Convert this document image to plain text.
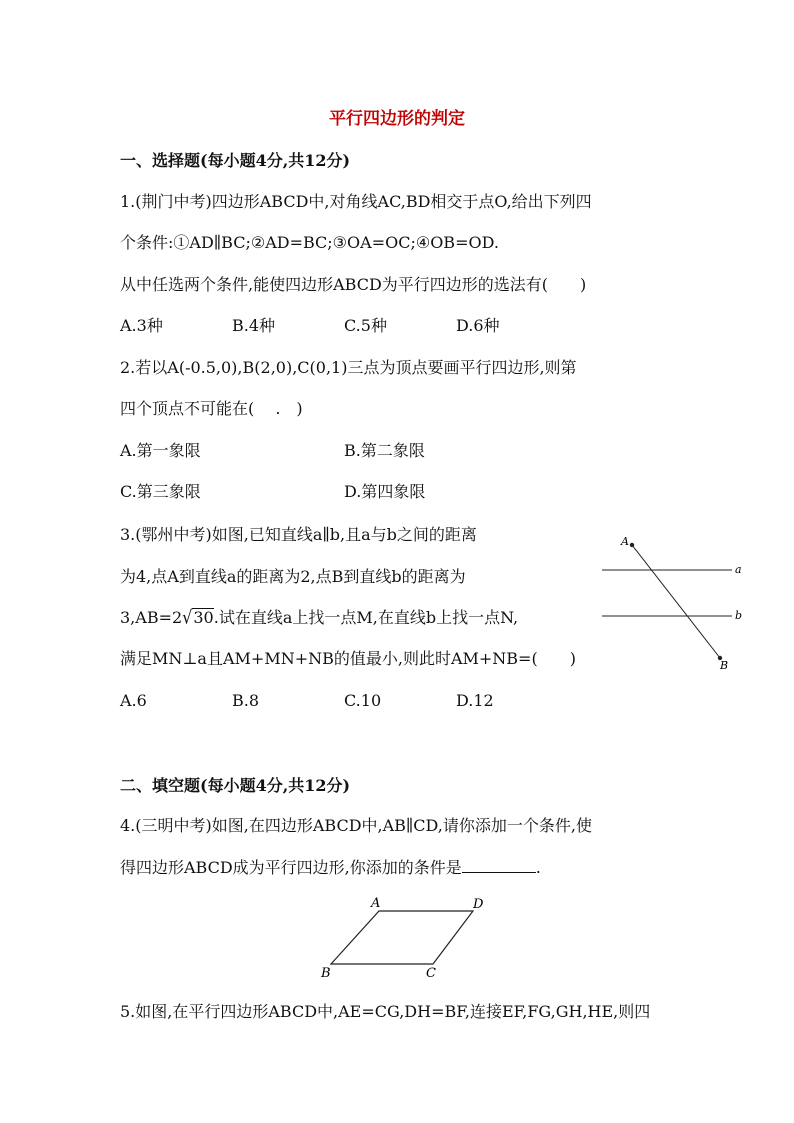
平行四边形的判定
一、选择题(每小题4分,共12分)
1.(荆门中考)四边形ABCD中,对角线AC,BD相交于点O,给出下列四
个条件:①AD∥BC;②AD=BC;③OA=OC;④OB=OD.
从中任选两个条件,能使四边形ABCD为平行四边形的选法有(　　)
A.3种	B.4种	C.5种	D.6种
2.若以A(-0.5,0),B(2,0),C(0,1)三点为顶点要画平行四边形,则第
四个顶点不可能在(　 .　)
A.第一象限	B.第二象限
C.第三象限	D.第四象限
3.(鄂州中考)如图,已知直线a∥b,且a与b之间的距离
为4,点A到直线a的距离为2,点B到直线b的距离为
3,AB=2√30.试在直线a上找一点M,在直线b上找一点N,
满足MN⊥a且AM+MN+NB的值最小,则此时AM+NB=(　　)
A.6	B.8	C.10	D.12
A
B
a
b
二、填空题(每小题4分,共12分)
4.(三明中考)如图,在四边形ABCD中,AB∥CD,请你添加一个条件,使
得四边形ABCD成为平行四边形,你添加的条件是	.
A	D
B	C
5.如图,在平行四边形ABCD中,AE=CG,DH=BF,连接EF,FG,GH,HE,则四
